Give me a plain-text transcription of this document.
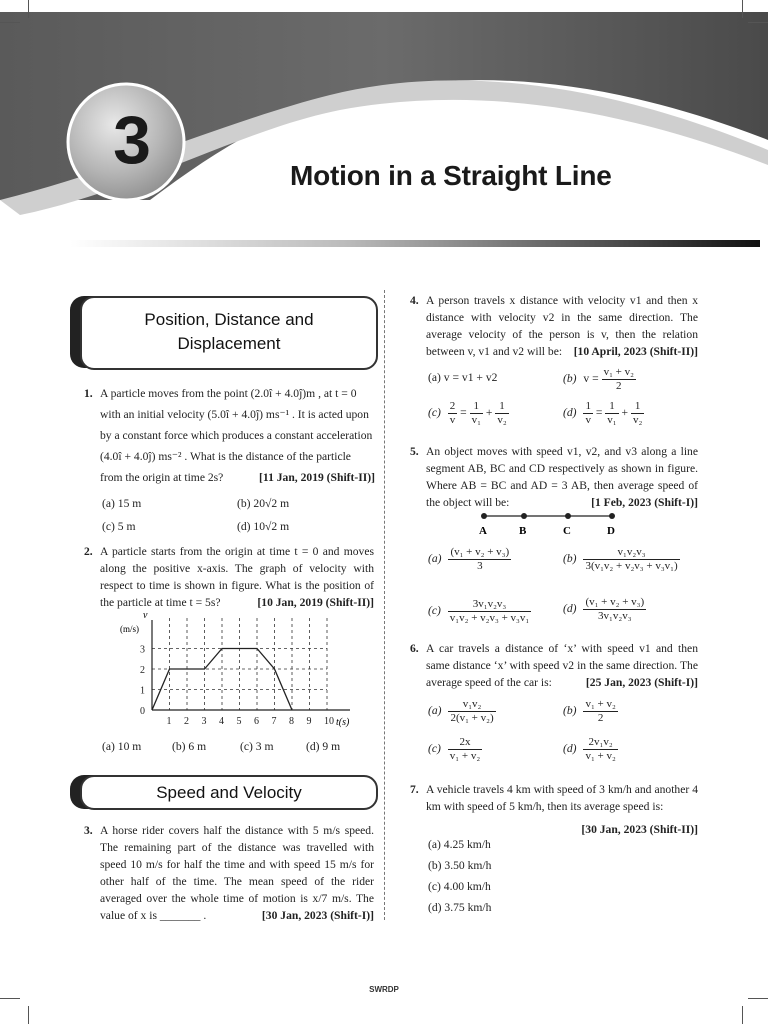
3	Motion in a Straight Line
Position, Distance and
Displacement
1. A particle moves from the point (2.0î + 4.0ĵ)m , at t = 0
with an initial velocity (5.0î + 4.0ĵ) ms⁻¹ . It is acted upon
by a constant force which produces a constant acceleration
(4.0î + 4.0ĵ) ms⁻² . What is the distance of the particle
from the origin at time 2s?	[11 Jan, 2019 (Shift-II)]
(a) 15 m	(b) 20√2 m
(c) 5 m	(d) 10√2 m
2. A particle starts from the origin at time t = 0 and moves along the positive x-axis. The graph of velocity with respect to time is shown in figure. What is the position of the particle at time t = 5s?	[10 Jan, 2019 (Shift-II)]
0
1
2
3
1 2 3 4 5 6 7 8 9 10
v
(m/s)
t(s)
(a) 10 m	(b) 6 m	(c) 3 m	(d) 9 m
Speed and Velocity
3. A horse rider covers half the distance with 5 m/s speed. The remaining part of the distance was travelled with speed 10 m/s for half the time and with speed 15 m/s for other half of the time. The mean speed of the rider averaged over the whole time of motion is x/7 m/s. The value of x is _______ .	[30 Jan, 2023 (Shift-I)]
4. A person travels x distance with velocity v1 and then x distance with velocity v2 in the same direction. The average velocity of the person is v, then the relation between v, v1 and v2 will be: [10 April, 2023 (Shift-II)]
(a) v = v1 + v2	(b) $v = \frac{\text{v₁ + v₂}}{2}$
$(c) \frac{2}{v} = \frac{1}{\text{v₁}} + \frac{1}{\text{v₂}}$	$(d) \frac{1}{v} = \frac{1}{\text{v₁}} + \frac{1}{\text{v₂}}$
5. An object moves with speed v1, v2, and v3 along a line segment AB, BC and CD respectively as shown in figure. Where AB = BC and AD = 3 AB, then average speed of the object will be:	[1 Feb, 2023 (Shift-I)]
A	B	C	D
$(a) \frac{\text{(v₁ + v₂ + v₃)}}{3}$	$(b) \frac{\text{v₁v₂v₃}}{\text{3(v₁v₂ + v₂v₃ + v₃v₁)}}$
$(c) \frac{\text{3v₁v₂v₃}}{\text{v₁v₂ + v₂v₃ + v₃v₁}}$	$(d) \frac{\text{(v₁ + v₂ + v₃)}}{\text{3v₁v₂v₃}}$
6. A car travels a distance of ‘x’ with speed v1 and then same distance ‘x’ with speed v2 in the same direction. The average speed of the car is:	[25 Jan, 2023 (Shift-I)]
$(a) \frac{\text{v₁v₂}}{\text{2(v₁ + v₂)}}$	$(b) \frac{\text{v₁ + v₂}}{2}$
$(c) \frac{2x}{\text{v₁ + v₂}}$	$(d) \frac{\text{2v₁v₂}}{\text{v₁ + v₂}}$
7. A vehicle travels 4 km with speed of 3 km/h and another 4 km with speed of 5 km/h, then its average speed is:
[30 Jan, 2023 (Shift-II)]
(a) 4.25 km/h
(b) 3.50 km/h
(c) 4.00 km/h
(d) 3.75 km/h
SWRDP
